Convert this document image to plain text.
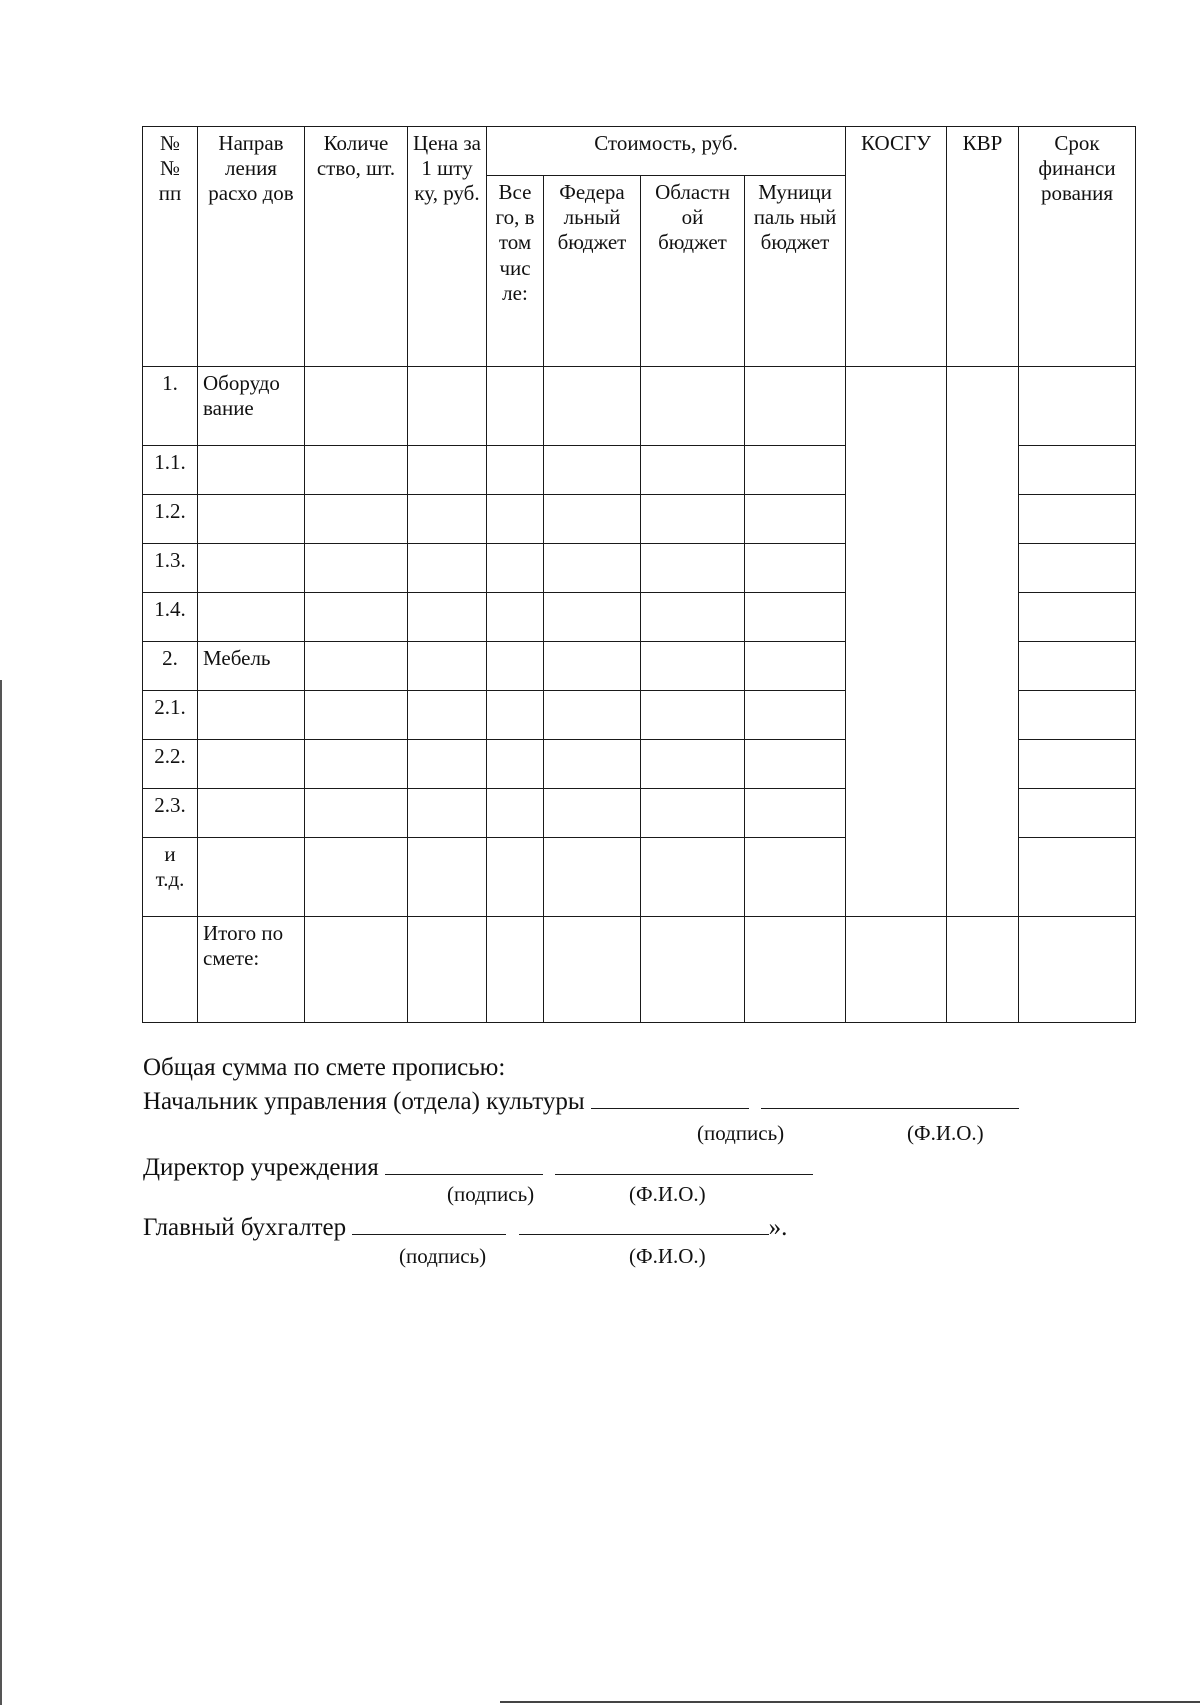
№ № пп	Направ ления расхо дов	Количе ство, шт.	Цена за 1 шту ку, руб.	Стоимость, руб.				КОСГУ	КВР	Срок финанси рования
				Все го, в том чис ле:	Федера льный бюджет	Областн ой бюджет	Муници паль ный бюджет			
1.	Оборудо вание									
1.1.										
1.2.										
1.3.										
1.4.										
2.	Мебель									
2.1.										
2.2.										
2.3.										
и т.д.										
	Итого по смете:									
Общая сумма по смете прописью:
Начальник управления (отдела) культуры
(подпись)	(Ф.И.О.)
Директор учреждения
(подпись)	(Ф.И.О.)
Главный бухгалтер	».
(подпись)	(Ф.И.О.)
